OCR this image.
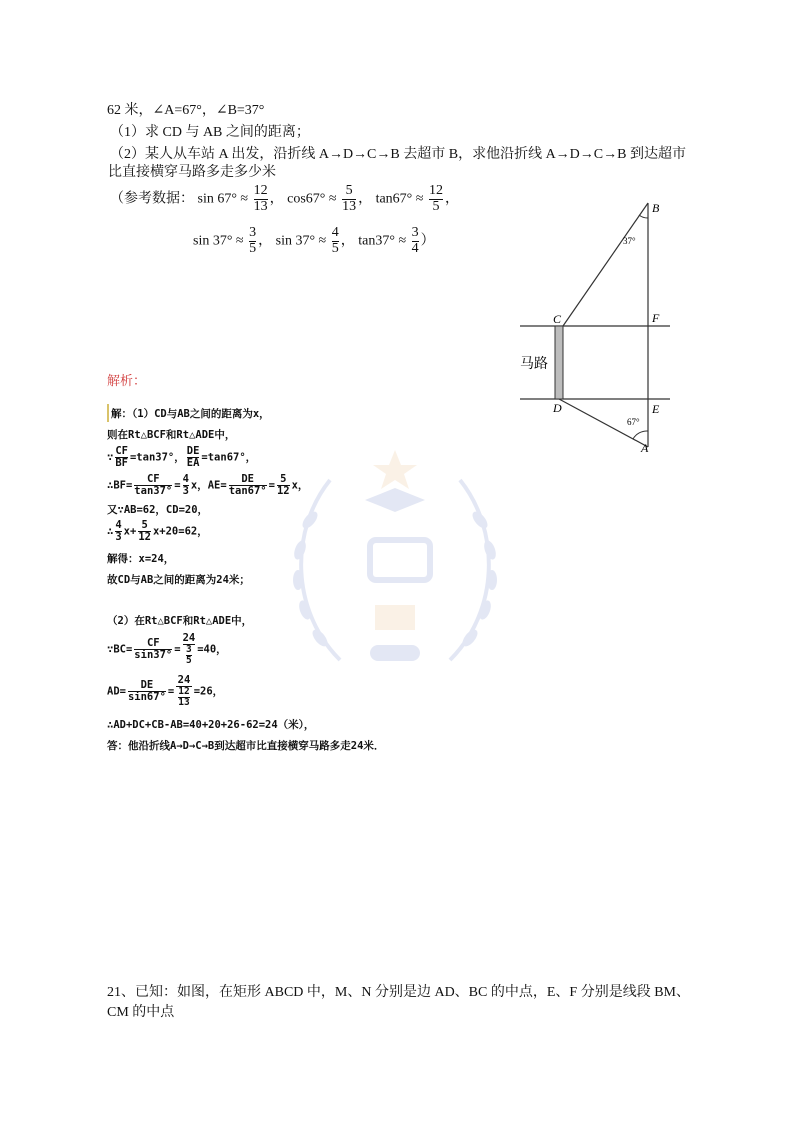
62 米，∠A=67°，∠B=37°
（1）求 CD 与 AB 之间的距离；
（2）某人从车站 A 出发，沿折线 A→D→C→B 去超市 B，求他沿折线 A→D→C→B 到达超市
比直接横穿马路多走多少米
（参考数据： $\sin 67^\circ \approx \frac{12}{13}$ ， $\cos 67^\circ \approx \frac{5}{13}$ ， $\tan 67^\circ \approx \frac{12}{5}$ ，
$\sin 37^\circ \approx \frac{3}{5}$ ， $\sin 37^\circ \approx \frac{4}{5}$ ， $\tan 37^\circ \approx \frac{3}{4}$ ）
B
37°
C	F
马路
D	E
67°
A
解析：
解：（1）CD与AB之间的距离为x，
则在Rt△BCF和Rt△ADE中，
∵ $\frac{CF}{BF} =\tan 37^\circ$， $\frac{DE}{EA} =\tan 67^\circ$，
∴BF= $\frac{CF}{\tan 37^\circ} = \frac{4}{3}$ x，$AE= \frac{DE}{\tan 67^\circ} = \frac{5}{12}$ x，
又∵AB=62，CD=20，
∴ $\frac{4}{3} x+ \frac{5}{12} x+20=62$，
解得：x=24，
故CD与AB之间的距离为24米；
（2）在Rt△BCF和Rt△ADE中，
∵BC= $\frac{CF}{\sin 37^\circ} = \frac{24}{\frac{3}{5}} =40$，
$AD= \frac{DE}{\sin 67^\circ} = \frac{24}{\frac{12}{13}} =26$，
∴AD+DC+CB-AB=40+20+26-62=24（米），
答：他沿折线A→D→C→B到达超市比直接横穿马路多走24米．
21、已知：如图，在矩形 ABCD 中，M、N 分别是边 AD、BC 的中点，E、F 分别是线段 BM、
CM 的中点
